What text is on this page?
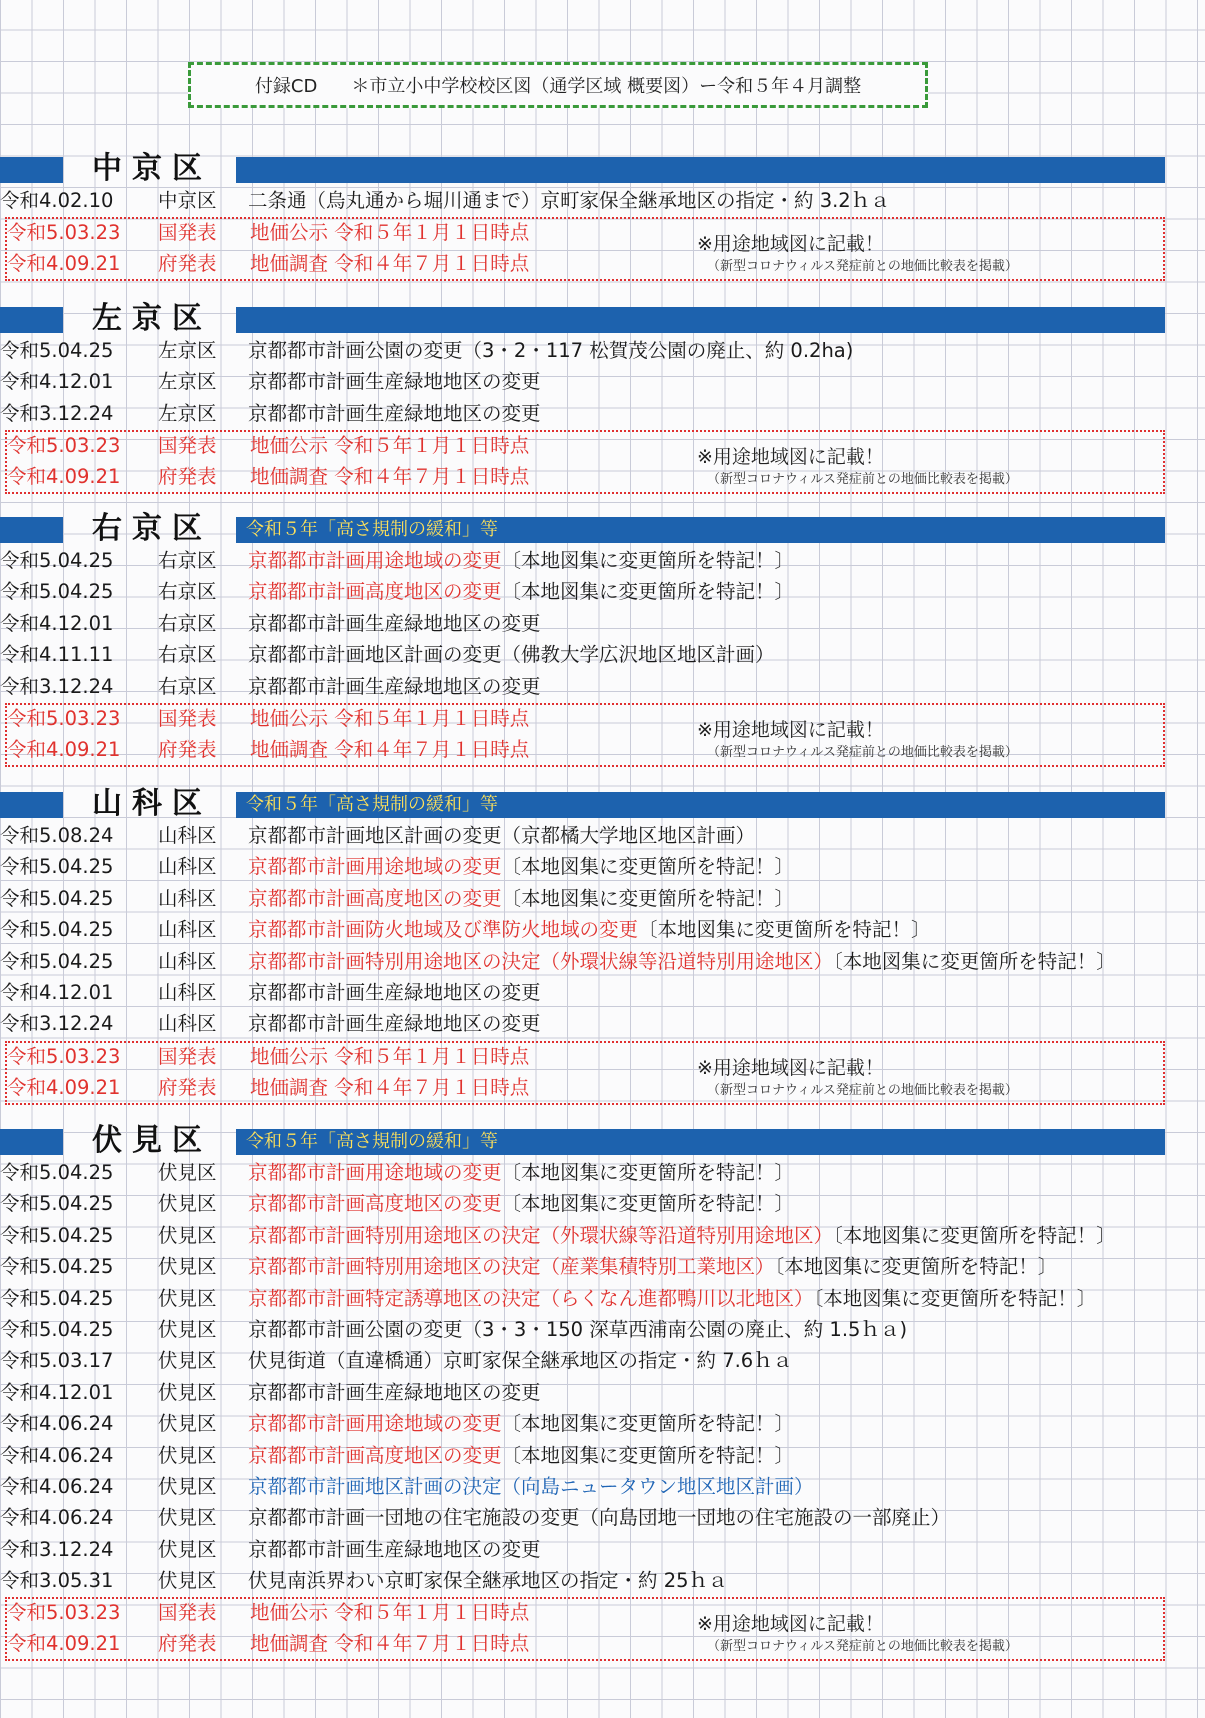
付録CD ＊市立小中学校校区図（通学区域 概要図）ー令和５年４月調整
中京区
令和4.02.10 中京区 二条通（烏丸通から堀川通まで）京町家保全継承地区の指定・約 3.2ｈａ
令和5.03.23 国発表 地価公示 令和５年１月１日時点
令和4.09.21 府発表 地価調査 令和４年７月１日時点
※用途地域図に記載！
（新型コロナウィルス発症前との地価比較表を掲載）
左京区
令和5.04.25 左京区 京都都市計画公園の変更（3・2・117 松賀茂公園の廃止、約 0.2ha)
令和4.12.01 左京区 京都都市計画生産緑地地区の変更
令和3.12.24 左京区 京都都市計画生産緑地地区の変更
令和5.03.23 国発表 地価公示 令和５年１月１日時点
令和4.09.21 府発表 地価調査 令和４年７月１日時点
※用途地域図に記載！
（新型コロナウィルス発症前との地価比較表を掲載）
右京区 令和５年「高さ規制の緩和」等
令和5.04.25 右京区 京都都市計画用途地域の変更〔本地図集に変更箇所を特記！〕
令和5.04.25 右京区 京都都市計画高度地区の変更〔本地図集に変更箇所を特記！〕
令和4.12.01 右京区 京都都市計画生産緑地地区の変更
令和4.11.11 右京区 京都都市計画地区計画の変更（佛教大学広沢地区地区計画）
令和3.12.24 右京区 京都都市計画生産緑地地区の変更
令和5.03.23 国発表 地価公示 令和５年１月１日時点
令和4.09.21 府発表 地価調査 令和４年７月１日時点
※用途地域図に記載！
（新型コロナウィルス発症前との地価比較表を掲載）
山科区 令和５年「高さ規制の緩和」等
令和5.08.24 山科区 京都都市計画地区計画の変更（京都橘大学地区地区計画）
令和5.04.25 山科区 京都都市計画用途地域の変更〔本地図集に変更箇所を特記！〕
令和5.04.25 山科区 京都都市計画高度地区の変更〔本地図集に変更箇所を特記！〕
令和5.04.25 山科区 京都都市計画防火地域及び準防火地域の変更〔本地図集に変更箇所を特記！〕
令和5.04.25 山科区 京都都市計画特別用途地区の決定（外環状線等沿道特別用途地区）〔本地図集に変更箇所を特記！〕
令和4.12.01 山科区 京都都市計画生産緑地地区の変更
令和3.12.24 山科区 京都都市計画生産緑地地区の変更
令和5.03.23 国発表 地価公示 令和５年１月１日時点
令和4.09.21 府発表 地価調査 令和４年７月１日時点
※用途地域図に記載！
（新型コロナウィルス発症前との地価比較表を掲載）
伏見区 令和５年「高さ規制の緩和」等
令和5.04.25 伏見区 京都都市計画用途地域の変更〔本地図集に変更箇所を特記！〕
令和5.04.25 伏見区 京都都市計画高度地区の変更〔本地図集に変更箇所を特記！〕
令和5.04.25 伏見区 京都都市計画特別用途地区の決定（外環状線等沿道特別用途地区）〔本地図集に変更箇所を特記！〕
令和5.04.25 伏見区 京都都市計画特別用途地区の決定（産業集積特別工業地区）〔本地図集に変更箇所を特記！〕
令和5.04.25 伏見区 京都都市計画特定誘導地区の決定（らくなん進都鴨川以北地区）〔本地図集に変更箇所を特記！〕
令和5.04.25 伏見区 京都都市計画公園の変更（3・3・150 深草西浦南公園の廃止、約 1.5ｈａ)
令和5.03.17 伏見区 伏見街道（直違橋通）京町家保全継承地区の指定・約 7.6ｈａ
令和4.12.01 伏見区 京都都市計画生産緑地地区の変更
令和4.06.24 伏見区 京都都市計画用途地域の変更〔本地図集に変更箇所を特記！〕
令和4.06.24 伏見区 京都都市計画高度地区の変更〔本地図集に変更箇所を特記！〕
令和4.06.24 伏見区 京都都市計画地区計画の決定（向島ニュータウン地区地区計画）
令和4.06.24 伏見区 京都都市計画一団地の住宅施設の変更（向島団地一団地の住宅施設の一部廃止）
令和3.12.24 伏見区 京都都市計画生産緑地地区の変更
令和3.05.31 伏見区 伏見南浜界わい京町家保全継承地区の指定・約 25ｈａ
令和5.03.23 国発表 地価公示 令和５年１月１日時点
令和4.09.21 府発表 地価調査 令和４年７月１日時点
※用途地域図に記載！
（新型コロナウィルス発症前との地価比較表を掲載）
